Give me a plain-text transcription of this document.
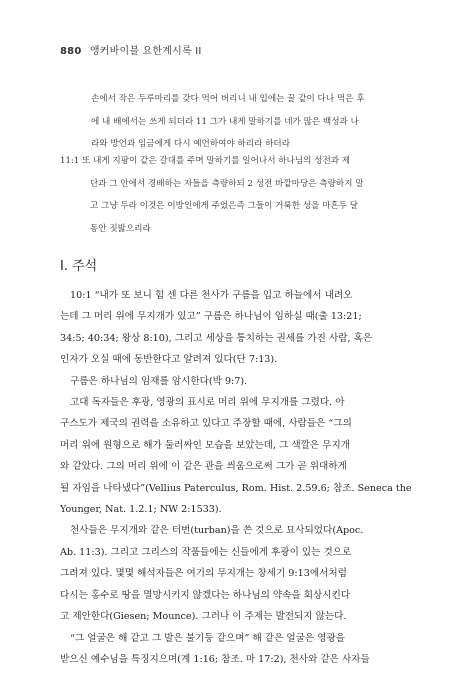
880 앵커바이블 요한계시록 II
손에서 작은 두루마리를 갖다 먹어 버리니 내 입에는 꿀 같이 다나 먹은 후
에 내 배에서는 쓰게 되더라 11 그가 내게 말하기를 네가 많은 백성과 나
라와 방언과 임금에게 다시 예언하여야 하리라 하더라
11:1 또 내게 지팡이 같은 갈대를 주며 말하기를 일어나서 하나님의 성전과 제
단과 그 안에서 경배하는 자들을 측량하되 2 성전 바깥마당은 측량하지 말
고 그냥 두라 이것은 이방인에게 주었은즉 그들이 거룩한 성을 마흔두 달
동안 짓밟으리라
I. 주석
10:1 “내가 또 보니 힘 센 다른 천사가 구름을 입고 하늘에서 내려오
는데 그 머리 위에 무지개가 있고” 구름은 하나님이 임하실 때(출 13:21;
34:5; 40:34; 왕상 8:10), 그리고 세상을 통치하는 권세를 가진 사람, 혹은
인자가 오실 때에 동반한다고 알려져 있다(단 7:13).
구름은 하나님의 임재를 암시한다(박 9:7).
고대 독자들은 후광, 영광의 표시로 머리 위에 무지개를 그렸다. 아
구스도가 제국의 권력을 소유하고 있다고 주장할 때에, 사람들은 “그의
머리 위에 원형으로 해가 둘러싸인 모습을 보았는데, 그 색깔은 무지개
와 같았다. 그의 머리 위에 이 같은 관을 씌움으로써 그가 곧 위대하게
될 자임을 나타냈다”(Vellius Paterculus, Rom. Hist. 2.59.6; 참조. Seneca the
Younger, Nat. 1.2.1; NW 2:1533).
천사들은 무지개와 같은 터번(turban)을 쓴 것으로 묘사되었다(Apoc.
Ab. 11:3). 그리고 그리스의 작품들에는 신들에게 후광이 있는 것으로
그려져 있다. 몇몇 해석자들은 여기의 무지개는 창세기 9:13에서처럼
다시는 홍수로 땅을 멸망시키지 않겠다는 하나님의 약속을 회상시킨다
고 제안한다(Giesen; Mounce). 그러나 이 주제는 발전되지 않는다.
“그 얼굴은 해 같고 그 발은 불기둥 같으며” 해 같은 얼굴은 영광을
받으신 예수님을 특징지으며(계 1:16; 참조. 마 17:2), 천사와 같은 사자들
